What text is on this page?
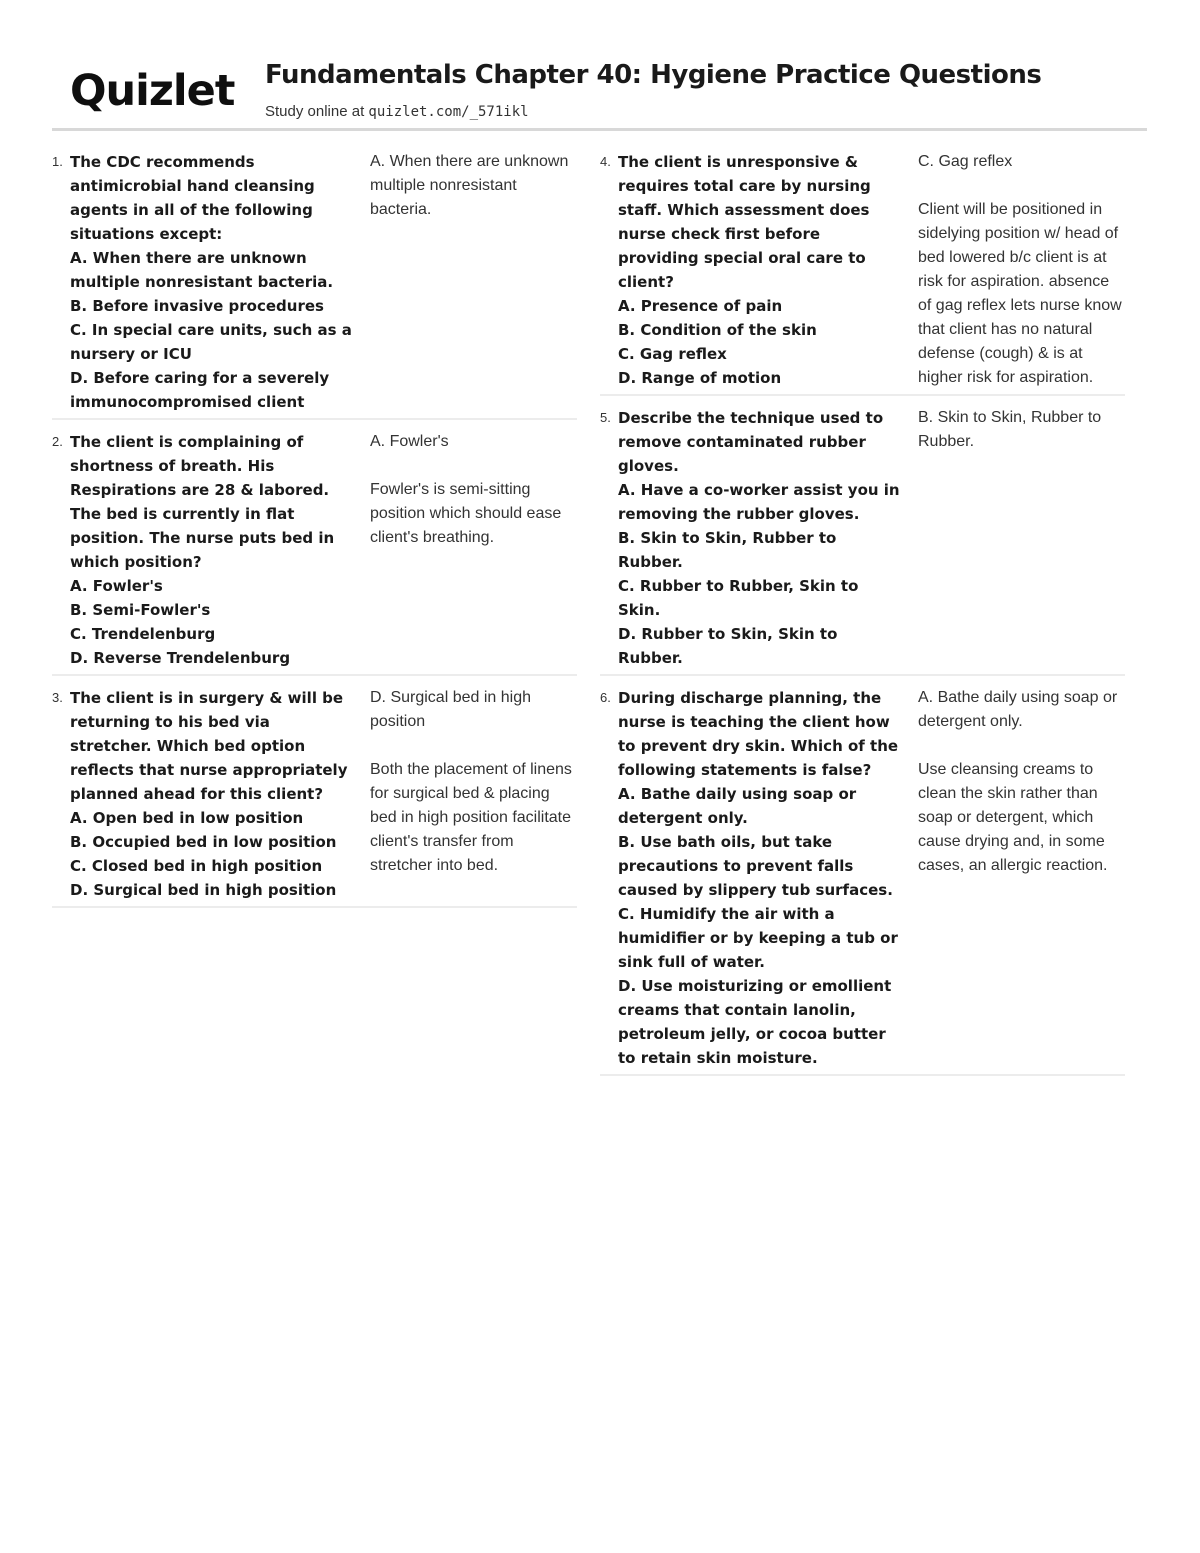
Quizlet Fundamentals Chapter 40: Hygiene Practice Questions
Study online at quizlet.com/_571ikl
1. The CDC recommends antimicrobial hand cleansing agents in all of the following situations except:
A. When there are unknown multiple nonresistant bacteria.
B. Before invasive procedures
C. In special care units, such as a nursery or ICU
D. Before caring for a severely immunocompromised client

A. When there are unknown multiple nonresistant bacteria.

2. The client is complaining of shortness of breath. His Respirations are 28 & labored. The bed is currently in flat position. The nurse puts bed in which position?
A. Fowler's
B. Semi-Fowler's
C. Trendelenburg
D. Reverse Trendelenburg

A. Fowler's

Fowler's is semi-sitting position which should ease client's breathing.

3. The client is in surgery & will be returning to his bed via stretcher. Which bed option reflects that nurse appropriately planned ahead for this client?
A. Open bed in low position
B. Occupied bed in low position
C. Closed bed in high position
D. Surgical bed in high position

D. Surgical bed in high position

Both the placement of linens for surgical bed & placing bed in high position facilitate client's transfer from stretcher into bed.

4. The client is unresponsive & requires total care by nursing staff. Which assessment does nurse check first before providing special oral care to client?
A. Presence of pain
B. Condition of the skin
C. Gag reflex
D. Range of motion

C. Gag reflex

Client will be positioned in sidelying position w/ head of bed lowered b/c client is at risk for aspiration. absence of gag reflex lets nurse know that client has no natural defense (cough) & is at higher risk for aspiration.

5. Describe the technique used to remove contaminated rubber gloves.
A. Have a co-worker assist you in removing the rubber gloves.
B. Skin to Skin, Rubber to Rubber.
C. Rubber to Rubber, Skin to Skin.
D. Rubber to Skin, Skin to Rubber.

B. Skin to Skin, Rubber to Rubber.

6. During discharge planning, the nurse is teaching the client how to prevent dry skin. Which of the following statements is false?
A. Bathe daily using soap or detergent only.
B. Use bath oils, but take precautions to prevent falls caused by slippery tub surfaces.
C. Humidify the air with a humidifier or by keeping a tub or sink full of water.
D. Use moisturizing or emollient creams that contain lanolin, petroleum jelly, or cocoa butter to retain skin moisture.

A. Bathe daily using soap or detergent only.

Use cleansing creams to clean the skin rather than soap or detergent, which cause drying and, in some cases, an allergic reaction.
